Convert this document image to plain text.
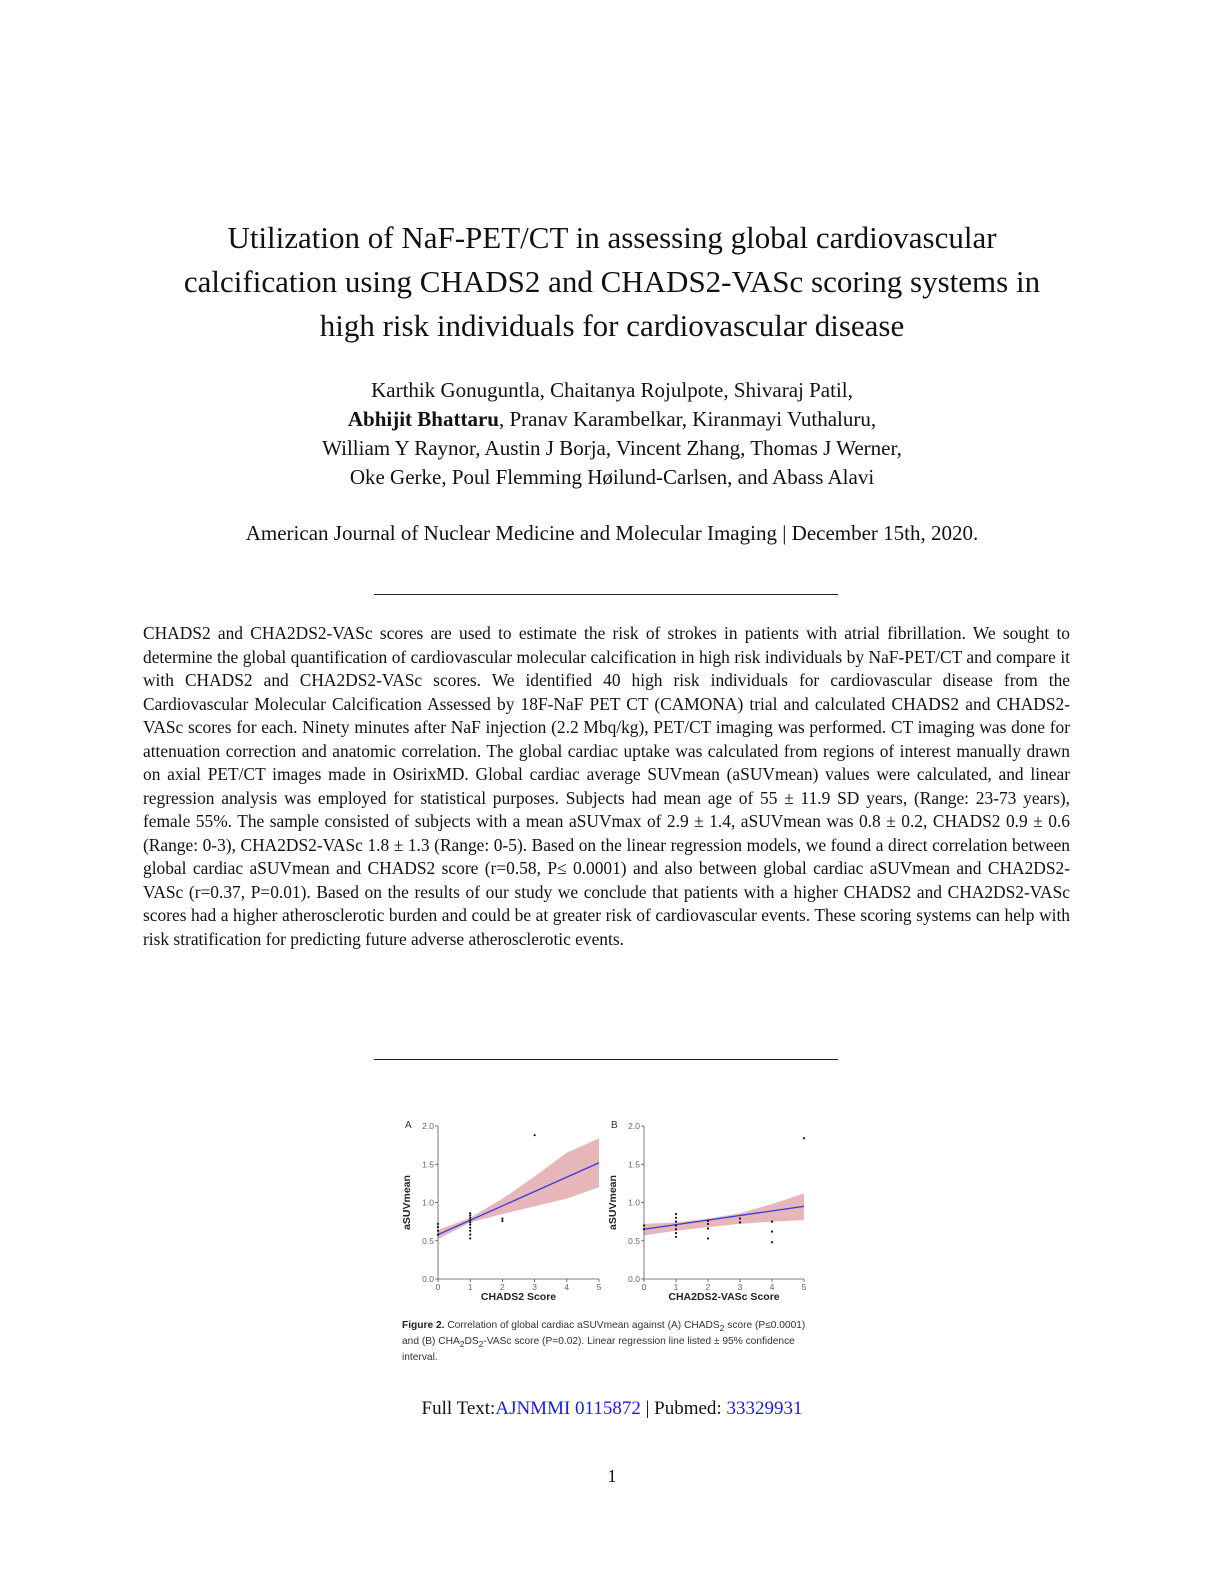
Utilization of NaF-PET/CT in assessing global cardiovascular
calcification using CHADS2 and CHADS2-VASc scoring systems in
high risk individuals for cardiovascular disease
Karthik Gonuguntla, Chaitanya Rojulpote, Shivaraj Patil,
Abhijit Bhattaru, Pranav Karambelkar, Kiranmayi Vuthaluru,
William Y Raynor, Austin J Borja, Vincent Zhang, Thomas J Werner,
Oke Gerke, Poul Flemming Høilund-Carlsen, and Abass Alavi
American Journal of Nuclear Medicine and Molecular Imaging | December 15th, 2020.

CHADS2 and CHA2DS2-VASc scores are used to estimate the risk of strokes in patients with atrial fibrillation. We sought to determine the global quantification of cardiovascular molecular calcification in high risk individuals by NaF-PET/CT and compare it with CHADS2 and CHA2DS2-VASc scores. We identified 40 high risk individuals for cardiovascular disease from the Cardiovascular Molecular Calcification Assessed by 18F-NaF PET CT (CAMONA) trial and calculated CHADS2 and CHADS2-VASc scores for each. Ninety minutes after NaF injection (2.2 Mbq/kg), PET/CT imaging was performed. CT imaging was done for attenuation correction and anatomic correlation. The global cardiac uptake was calculated from regions of interest manually drawn on axial PET/CT images made in OsirixMD. Global cardiac average SUVmean (aSUVmean) values were calculated, and linear regression analysis was employed for statistical purposes. Subjects had mean age of 55 ± 11.9 SD years, (Range: 23-73 years), female 55%. The sample consisted of subjects with a mean aSUVmax of 2.9 ± 1.4, aSUVmean was 0.8 ± 0.2, CHADS2 0.9 ± 0.6 (Range: 0-3), CHA2DS2-VASc 1.8 ± 1.3 (Range: 0-5). Based on the linear regression models, we found a direct correlation between global cardiac aSUVmean and CHADS2 score (r=0.58, P≤ 0.0001) and also between global cardiac aSUVmean and CHA2DS2-VASc (r=0.37, P=0.01). Based on the results of our study we conclude that patients with a higher CHADS2 and CHA2DS2-VASc scores had a higher atherosclerotic burden and could be at greater risk of cardiovascular events. These scoring systems can help with risk stratification for predicting future adverse atherosclerotic events.

0.0
0.5
1.0
1.5
2.0
0	1	2	3	4	5
A
CHADS2 Score
aSUVmean
0.0
0.5
1.0
1.5
2.0
0	1	2	3	4	5
B
CHA2DS2-VASc Score
aSUVmean
Figure 2. Correlation of global cardiac aSUVmean against (A) $CHADS_2$ score (P≤0.0001) and (B) $CHA_2DS_2$-VASc score (P=0.02). Linear regression line listed ± 95% confidence interval.
Full Text:AJNMMI 0115872 | Pubmed: 33329931
1
